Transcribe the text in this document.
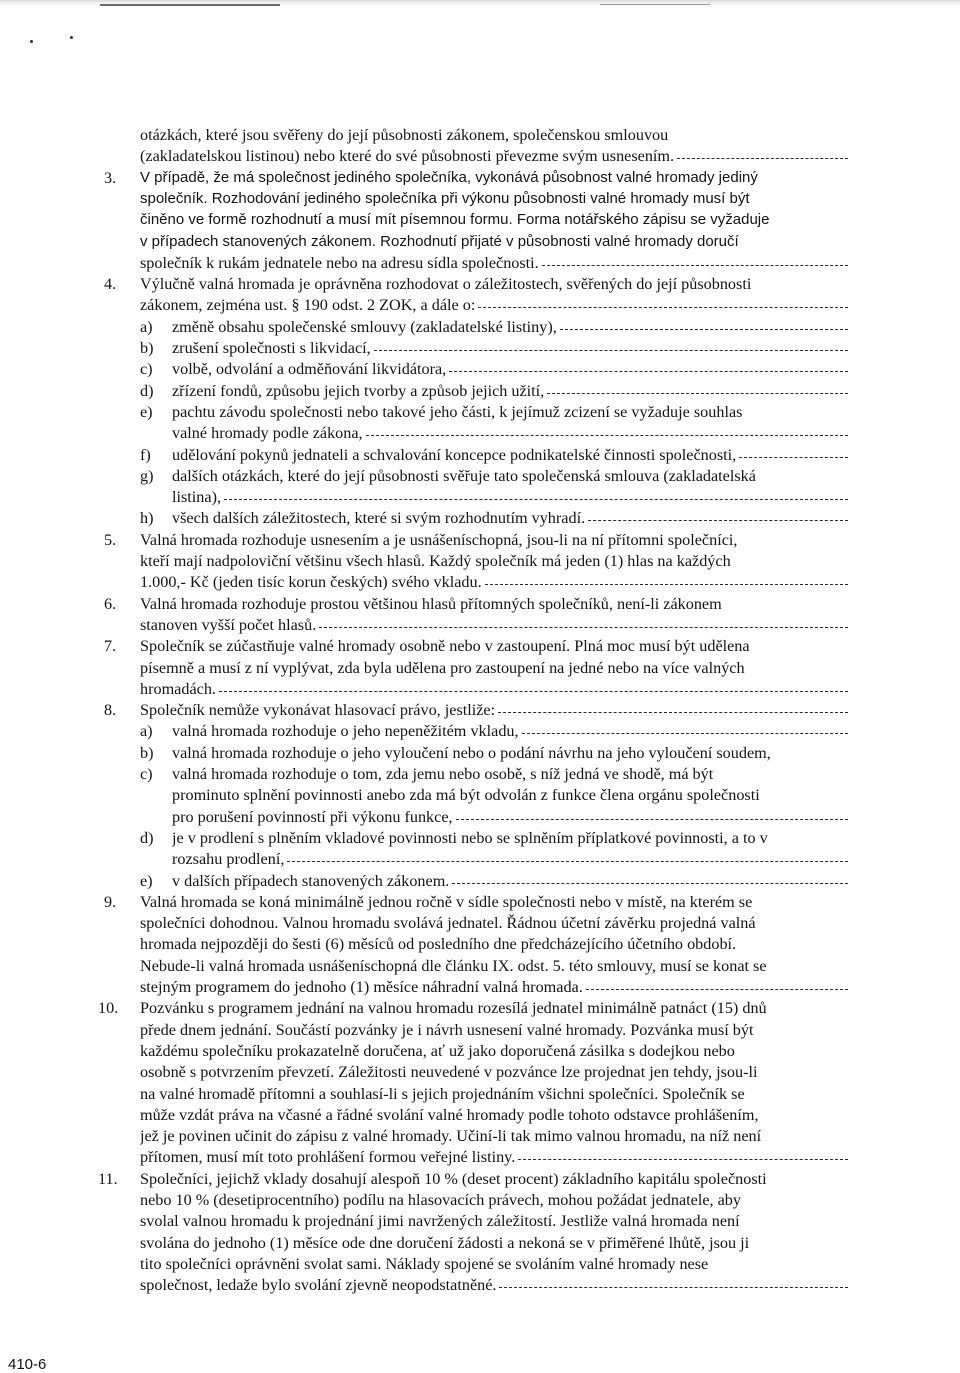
otázkách, které jsou svěřeny do její působnosti zákonem, společenskou smlouvou
(zakladatelskou listinou) nebo které do své působnosti převezme svým usnesením.
3. V případě, že má společnost jediného společníka, vykonává působnost valné hromady jediný
společník. Rozhodování jediného společníka při výkonu působnosti valné hromady musí být
činěno ve formě rozhodnutí a musí mít písemnou formu. Forma notářského zápisu se vyžaduje
v případech stanovených zákonem. Rozhodnutí přijaté v působnosti valné hromady doručí
společník k rukám jednatele nebo na adresu sídla společnosti.
4. Výlučně valná hromada je oprávněna rozhodovat o záležitostech, svěřených do její působnosti
zákonem, zejména ust. § 190 odst. 2 ZOK, a dále o:
a) změně obsahu společenské smlouvy (zakladatelské listiny),
b) zrušení společnosti s likvidací,
c) volbě, odvolání a odměňování likvidátora,
d) zřízení fondů, způsobu jejich tvorby a způsob jejich užití,
e) pachtu závodu společnosti nebo takové jeho části, k jejímuž zcizení se vyžaduje souhlas
valné hromady podle zákona,
f) udělování pokynů jednateli a schvalování koncepce podnikatelské činnosti společnosti,
g) dalších otázkách, které do její působnosti svěřuje tato společenská smlouva (zakladatelská
listina),
h) všech dalších záležitostech, které si svým rozhodnutím vyhradí.
5. Valná hromada rozhoduje usnesením a je usnášeníschopná, jsou-li na ní přítomni společníci,
kteří mají nadpoloviční většinu všech hlasů. Každý společník má jeden (1) hlas na každých
1.000,- Kč (jeden tisíc korun českých) svého vkladu.
6. Valná hromada rozhoduje prostou většinou hlasů přítomných společníků, není-li zákonem
stanoven vyšší počet hlasů.
7. Společník se zúčastňuje valné hromady osobně nebo v zastoupení. Plná moc musí být udělena
písemně a musí z ní vyplývat, zda byla udělena pro zastoupení na jedné nebo na více valných
hromadách.
8. Společník nemůže vykonávat hlasovací právo, jestliže:
a) valná hromada rozhoduje o jeho nepeněžitém vkladu,
b) valná hromada rozhoduje o jeho vyloučení nebo o podání návrhu na jeho vyloučení soudem,
c) valná hromada rozhoduje o tom, zda jemu nebo osobě, s níž jedná ve shodě, má být
prominuto splnění povinnosti anebo zda má být odvolán z funkce člena orgánu společnosti
pro porušení povinností při výkonu funkce,
d) je v prodlení s plněním vkladové povinnosti nebo se splněním příplatkové povinnosti, a to v
rozsahu prodlení,
e) v dalších případech stanovených zákonem.
9. Valná hromada se koná minimálně jednou ročně v sídle společnosti nebo v místě, na kterém se
společníci dohodnou. Valnou hromadu svolává jednatel. Řádnou účetní závěrku projedná valná
hromada nejpozději do šesti (6) měsíců od posledního dne předcházejícího účetního období.
Nebude-li valná hromada usnášeníschopná dle článku IX. odst. 5. této smlouvy, musí se konat se
stejným programem do jednoho (1) měsíce náhradní valná hromada.
10. Pozvánku s programem jednání na valnou hromadu rozesílá jednatel minimálně patnáct (15) dnů
přede dnem jednání. Součástí pozvánky je i návrh usnesení valné hromady. Pozvánka musí být
každému společníku prokazatelně doručena, ať už jako doporučená zásilka s dodejkou nebo
osobně s potvrzením převzetí. Záležitosti neuvedené v pozvánce lze projednat jen tehdy, jsou-li
na valné hromadě přítomni a souhlasí-li s jejich projednáním všichni společníci. Společník se
může vzdát práva na včasné a řádné svolání valné hromady podle tohoto odstavce prohlášením,
jež je povinen učinit do zápisu z valné hromady. Učiní-li tak mimo valnou hromadu, na níž není
přítomen, musí mít toto prohlášení formou veřejné listiny.
11. Společníci, jejichž vklady dosahují alespoň 10 % (deset procent) základního kapitálu společnosti
nebo 10 % (desetiprocentního) podílu na hlasovacích právech, mohou požádat jednatele, aby
svolal valnou hromadu k projednání jimi navržených záležitostí. Jestliže valná hromada není
svolána do jednoho (1) měsíce ode dne doručení žádosti a nekoná se v přiměřené lhůtě, jsou ji
tito společníci oprávněni svolat sami. Náklady spojené se svoláním valné hromady nese
společnost, ledaže bylo svolání zjevně neopodstatněné.
410-6
